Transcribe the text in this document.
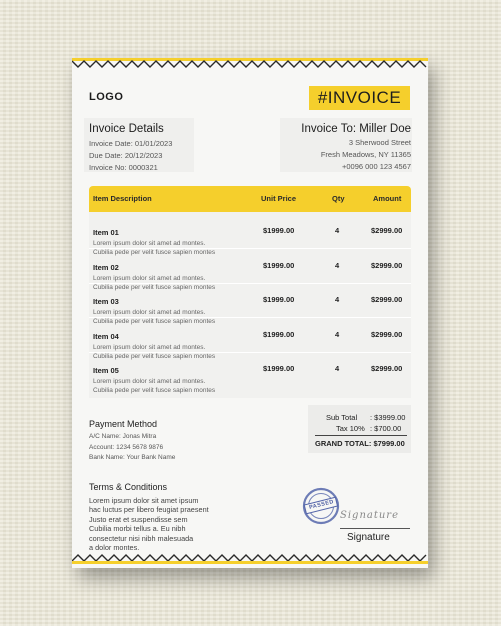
LOGO	#INVOICE
Invoice Details
Invoice Date: 01/01/2023
Due Date: 20/12/2023
Invoice No: 0000321
Invoice To: Miller Doe
3 Sherwood Street
Fresh Meadows, NY 11365
+0096 000 123 4567
Item Description	Unit Price	Qty	Amount
Item 01
Lorem ipsum dolor sit amet ad montes.
Cubilia pede per velit fusce sapien montes
$1999.00	4	$2999.00
Item 02
Lorem ipsum dolor sit amet ad montes.
Cubilia pede per velit fusce sapien montes
$1999.00	4	$2999.00
Item 03
Lorem ipsum dolor sit amet ad montes.
Cubilia pede per velit fusce sapien montes
$1999.00	4	$2999.00
Item 04
Lorem ipsum dolor sit amet ad montes.
Cubilia pede per velit fusce sapien montes
$1999.00	4	$2999.00
Item 05
Lorem ipsum dolor sit amet ad montes.
Cubilia pede per velit fusce sapien montes
$1999.00	4	$2999.00
Payment Method
A/C Name: Jonas Mitra
Account: 1234 5678 9876
Bank Name: Your Bank Name
Sub Total : $3999.00
Tax 10% : $700.00
GRAND TOTAL: $7999.00
Terms & Conditions
Lorem ipsum dolor sit amet ipsum
hac luctus per libero feugiat praesent
Justo erat et suspendisse sem
Cubilia morbi tellus a. Eu nibh
consectetur nisi nibh malesuada
a dolor montes.
PASSED
Signature
Signature
